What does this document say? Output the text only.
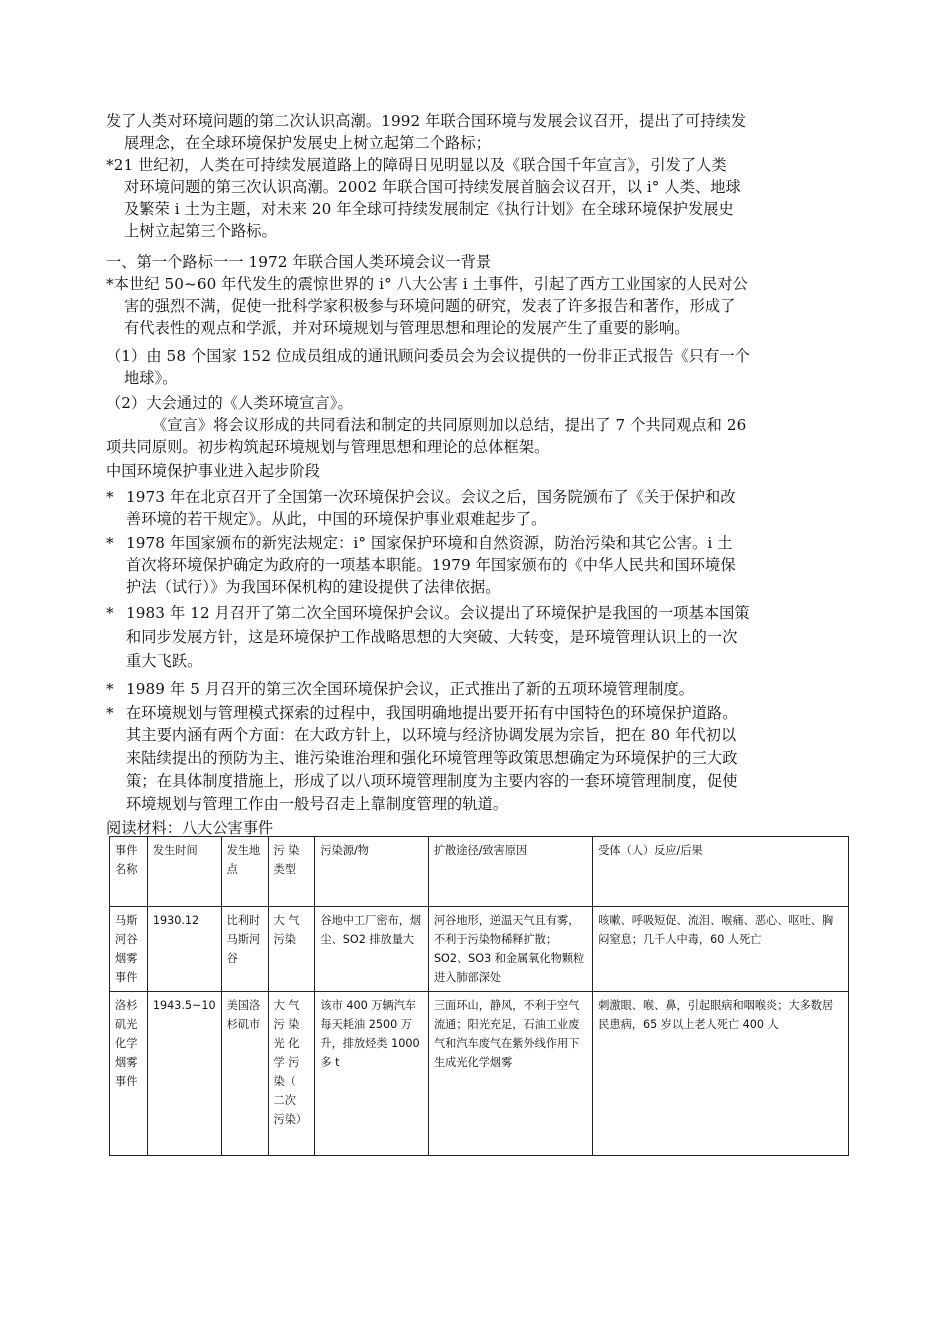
发了人类对环境问题的第二次认识高潮。1992 年联合国环境与发展会议召开，提出了可持续发
展理念，在全球环境保护发展史上树立起第二个路标；
*21 世纪初，人类在可持续发展道路上的障碍日见明显以及《联合国千年宣言》，引发了人类
对环境问题的第三次认识高潮。2002 年联合国可持续发展首脑会议召开，以 i° 人类、地球
及繁荣 i 土为主题，对未来 20 年全球可持续发展制定《执行计划》在全球环境保护发展史
上树立起第三个路标。
一、第一个路标一一 1972 年联合国人类环境会议一背景
*本世纪 50~60 年代发生的震惊世界的 i° 八大公害 i 土事件，引起了西方工业国家的人民对公
害的强烈不满，促使一批科学家积极参与环境问题的研究，发表了许多报告和著作，形成了
有代表性的观点和学派，并对环境规划与管理思想和理论的发展产生了重要的影响。
（1）由 58 个国家 152 位成员组成的通讯顾问委员会为会议提供的一份非正式报告《只有一个
地球》。
（2）大会通过的《人类环境宣言》。
《宣言》将会议形成的共同看法和制定的共同原则加以总结，提出了 7 个共同观点和 26
项共同原则。初步构筑起环境规划与管理思想和理论的总体框架。
中国环境保护事业进入起步阶段
* 1973 年在北京召开了全国第一次环境保护会议。会议之后，国务院颁布了《关于保护和改
善环境的若干规定》。从此，中国的环境保护事业艰难起步了。
* 1978 年国家颁布的新宪法规定：i° 国家保护环境和自然资源，防治污染和其它公害。i 土
首次将环境保护确定为政府的一项基本职能。1979 年国家颁布的《中华人民共和国环境保
护法（试行）》为我国环保机构的建设提供了法律依据。
* 1983 年 12 月召开了第二次全国环境保护会议。会议提出了环境保护是我国的一项基本国策
和同步发展方针，这是环境保护工作战略思想的大突破、大转变，是环境管理认识上的一次
重大飞跃。
* 1989 年 5 月召开的第三次全国环境保护会议，正式推出了新的五项环境管理制度。
* 在环境规划与管理模式探索的过程中，我国明确地提出要开拓有中国特色的环境保护道路。
其主要内涵有两个方面：在大政方针上，以环境与经济协调发展为宗旨，把在 80 年代初以
来陆续提出的预防为主、谁污染谁治理和强化环境管理等政策思想确定为环境保护的三大政
策；在具体制度措施上，形成了以八项环境管理制度为主要内容的一套环境管理制度，促使
环境规划与管理工作由一般号召走上靠制度管理的轨道。
阅读材料：八大公害事件
事件名称	发生时间	发生地点	污 染类型	污染源/物	扩散途径/致害原因	受体（人）反应/后果
马斯河谷烟雾事件	1930.12	比利时马斯河谷	大 气污染	谷地中工厂密布，烟尘、SO2 排放量大	河谷地形，逆温天气且有雾，不利于污染物稀释扩散；SO2、SO3 和金属氧化物颗粒进入肺部深处	咳嗽、呼吸短促、流泪、喉痛、恶心、呕吐、胸闷窒息；几千人中毒，60 人死亡
洛杉矶光化学烟雾事件	1943.5~10	美国洛杉矶市	大 气污 染光 化学 污染（ 二次 污染）	该市 400 万辆汽车每天耗油 2500 万升，排放烃类 1000 多 t	三面环山，静风，不利于空气流通；阳光充足，石油工业废气和汽车废气在紫外线作用下生成光化学烟雾	刺激眼、喉、鼻，引起眼病和咽喉炎；大多数居民患病，65 岁以上老人死亡 400 人
